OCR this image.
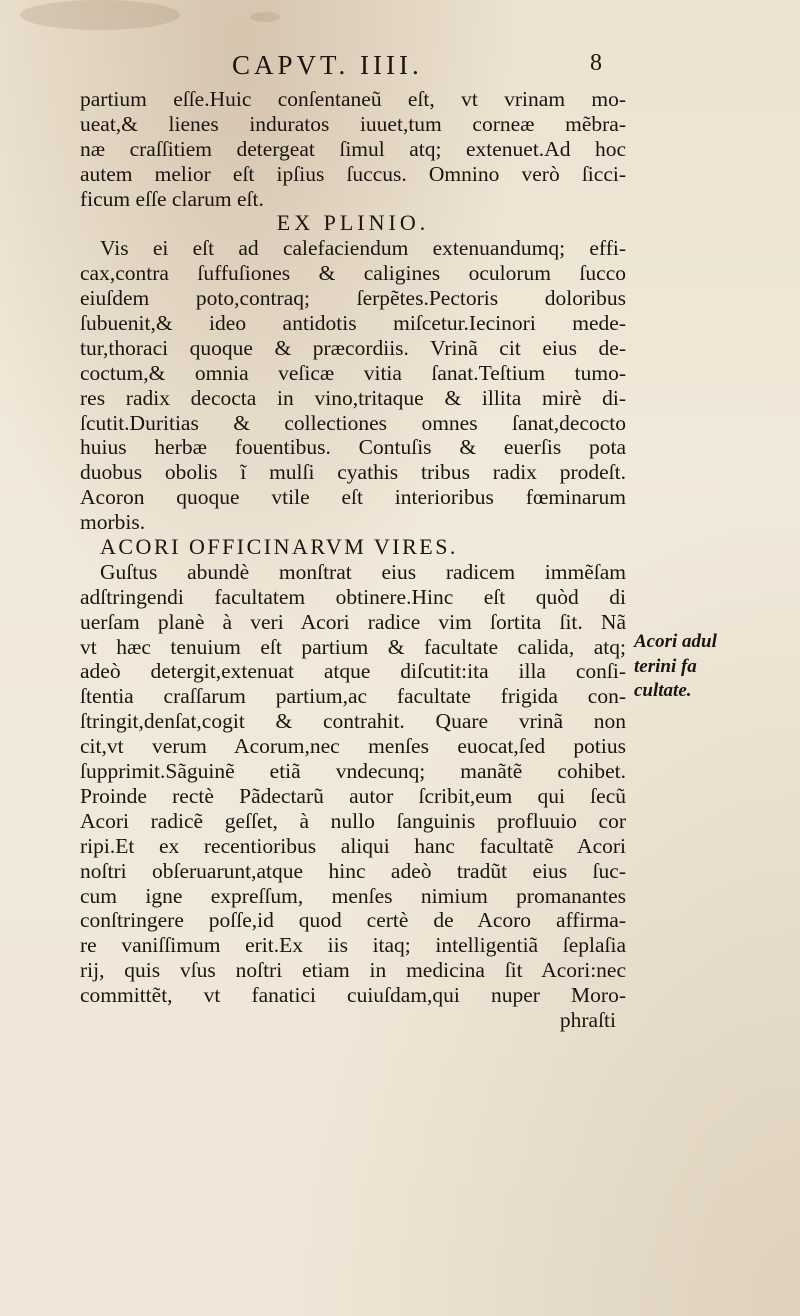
CAPVT. IIII.	8
partium eſſe.Huic conſentaneũ eſt, vt vrinam mo-
ueat,& lienes induratos iuuet,tum corneæ mẽbra-
næ craſſitiem detergeat ſimul atq; extenuet.Ad hoc
autem melior eſt ipſius ſuccus. Omnino verò ſicci-
ficum eſſe clarum eſt.
EX PLINIO.
Vis ei eſt ad calefaciendum extenuandumq; effi-
cax,contra ſuffuſiones & caligines oculorum ſucco
eiuſdem poto,contraq; ſerpẽtes.Pectoris doloribus
ſubuenit,& ideo antidotis miſcetur.Iecinori mede-
tur,thoraci quoque & præcordiis. Vrinã cit eius de-
coctum,& omnia veſicæ vitia ſanat.Teſtium tumo-
res radix decocta in vino,tritaque & illita mirè di-
ſcutit.Duritias & collectiones omnes ſanat,decocto
huius herbæ fouentibus. Contuſis & euerſis pota
duobus obolis ĩ mulſi cyathis tribus radix prodeſt.
Acoron quoque vtile eſt interioribus fœminarum
morbis.
ACORI OFFICINARVM VIRES.
Guſtus abundè monſtrat eius radicem immẽſam
adſtringendi facultatem obtinere.Hinc eſt quòd di
uerſam planè à veri Acori radice vim ſortita ſit. Nã
vt hæc tenuium eſt partium & facultate calida, atq;
adeò detergit,extenuat atque diſcutit:ita illa conſi-
ſtentia craſſarum partium,ac facultate frigida con-
ſtringit,denſat,cogit & contrahit. Quare vrinã non
cit,vt verum Acorum,nec menſes euocat,ſed potius
ſupprimit.Sãguinẽ etiã vndecunq; manãtẽ cohibet.
Proinde rectè Pãdectarũ autor ſcribit,eum qui ſecũ
Acori radicẽ geſſet, à nullo ſanguinis profluuio cor
ripi.Et ex recentioribus aliqui hanc facultatẽ Acori
noſtri obſeruarunt,atque hinc adeò tradũt eius ſuc-
cum igne expreſſum, menſes nimium promanantes
conſtringere poſſe,id quod certè de Acoro affirma-
re vaniſſimum erit.Ex iis itaq; intelligentiã ſeplaſia
rij, quis vſus noſtri etiam in medicina ſit Acori:nec
committẽt, vt fanatici cuiuſdam,qui nuper Moro-
phraſti
Acori adul
terini fa
cultate.
